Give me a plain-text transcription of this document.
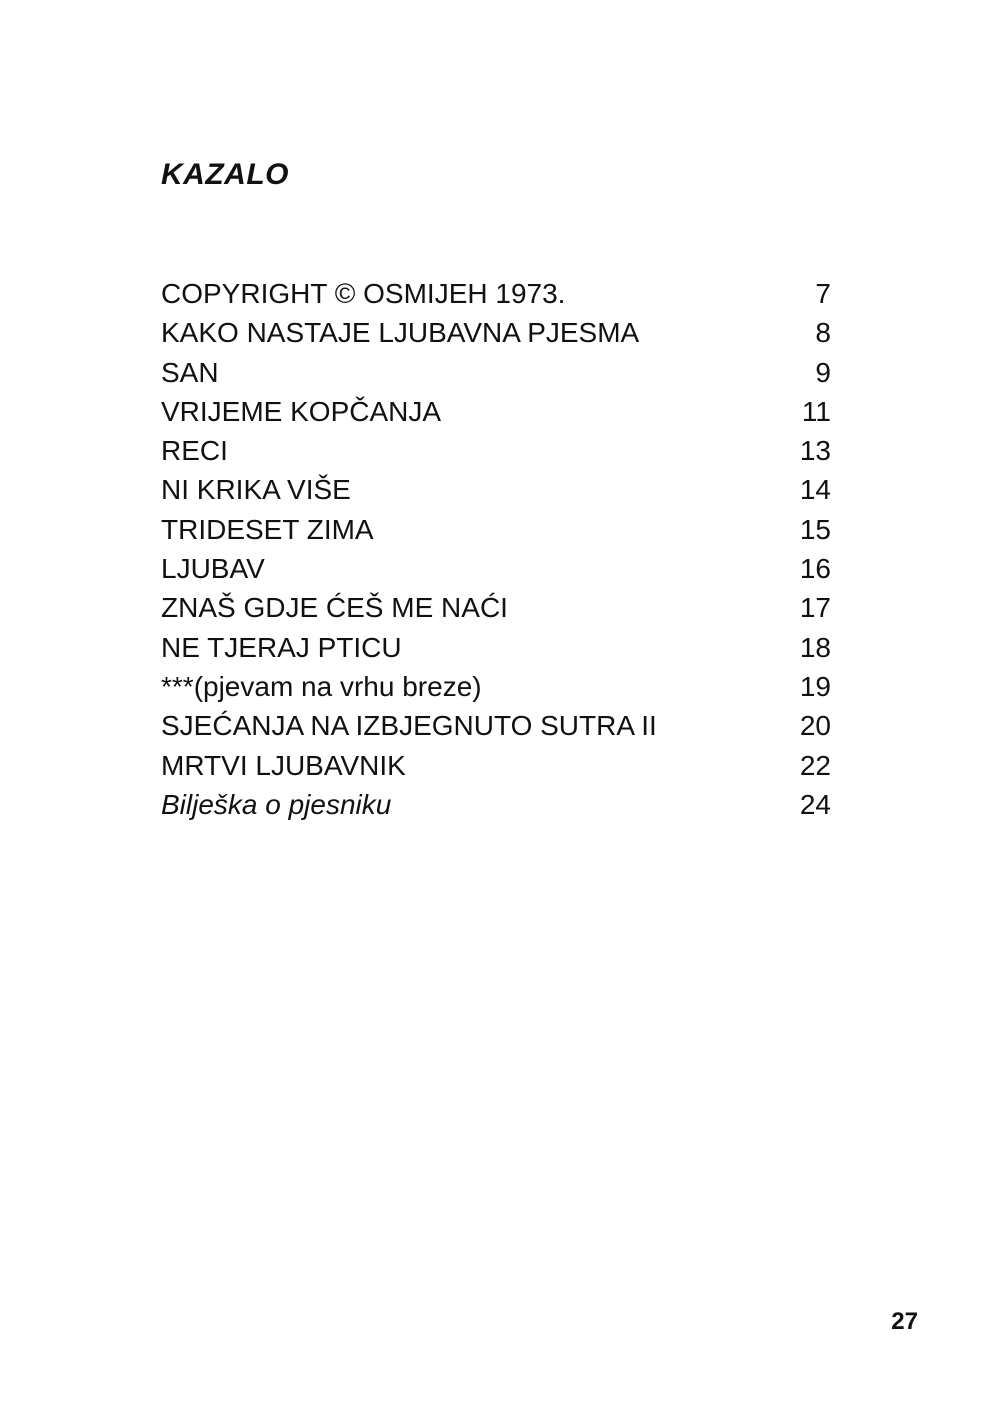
KAZALO
COPYRIGHT © OSMIJEH 1973.	7
KAKO NASTAJE LJUBAVNA PJESMA	8
SAN	9
VRIJEME KOPČANJA	11
RECI	13
NI KRIKA VIŠE	14
TRIDESET ZIMA	15
LJUBAV	16
ZNAŠ GDJE ĆEŠ ME NAĆI	17
NE TJERAJ PTICU	18
***(pjevam na vrhu breze)	19
SJEĆANJA NA IZBJEGNUTO SUTRA II	20
MRTVI LJUBAVNIK	22
Bilješka o pjesniku	24
27
